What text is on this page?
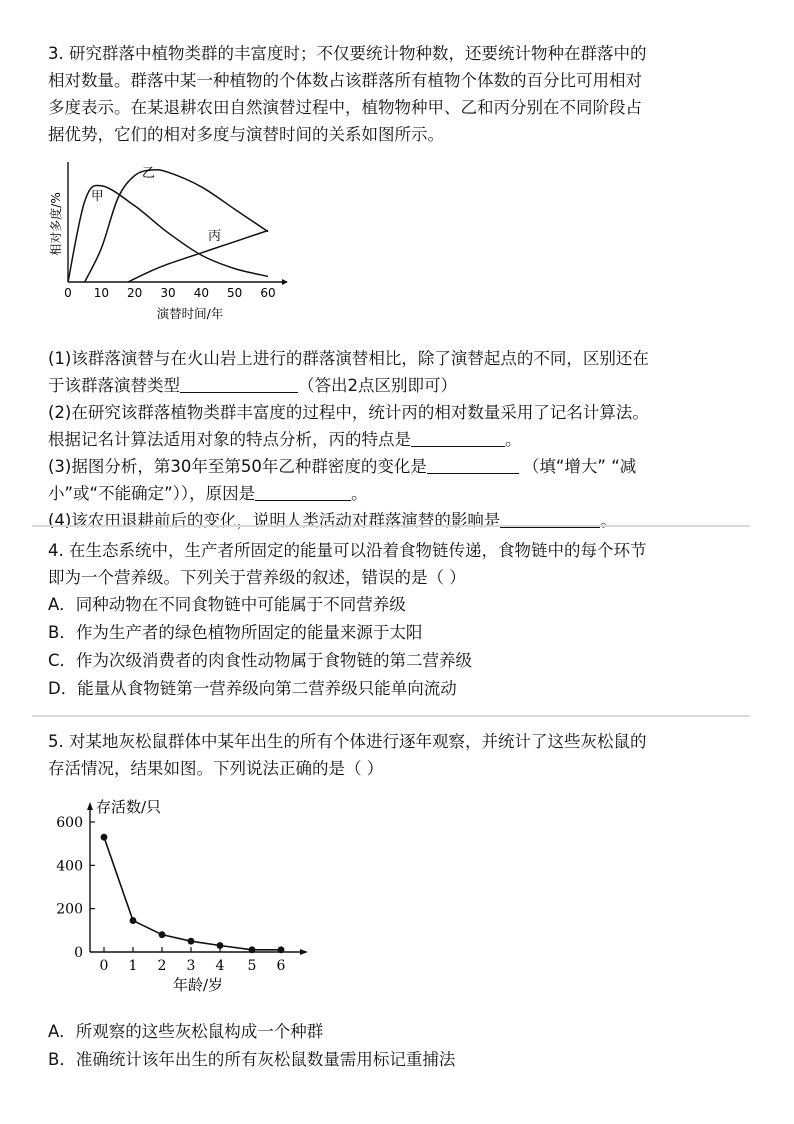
3. 研究群落中植物类群的丰富度时；不仅要统计物种数，还要统计物种在群落中的
相对数量。群落中某一种植物的个体数占该群落所有植物个体数的百分比可用相对
多度表示。在某退耕农田自然演替过程中，植物物种甲、乙和丙分别在不同阶段占
据优势，它们的相对多度与演替时间的关系如图所示。
相对多度/%
0 10 20 30 40 50 60
演替时间/年
甲
乙
丙
(1)该群落演替与在火山岩上进行的群落演替相比，除了演替起点的不同，区别还在
于该群落演替类型	（答出2点区别即可）
(2)在研究该群落植物类群丰富度的过程中，统计丙的相对数量采用了记名计算法。
根据记名计算法适用对象的特点分析，丙的特点是	。
(3)据图分析，第30年至第50年乙种群密度的变化是	（填“增大” “减
小”或“不能确定”）），原因是	。
(4)该农田退耕前后的变化，说明人类活动对群落演替的影响是	。
4. 在生态系统中，生产者所固定的能量可以沿着食物链传递，食物链中的每个环节
即为一个营养级。下列关于营养级的叙述，错误的是（ ）
A．同种动物在不同食物链中可能属于不同营养级
B．作为生产者的绿色植物所固定的能量来源于太阳
C．作为次级消费者的肉食性动物属于食物链的第二营养级
D．能量从食物链第一营养级向第二营养级只能单向流动
5. 对某地灰松鼠群体中某年出生的所有个体进行逐年观察，并统计了这些灰松鼠的
存活情况，结果如图。下列说法正确的是（ ）
存活数/只
0
200
400
600
0 1 2 3 4 5 6
年龄/岁
A．所观察的这些灰松鼠构成一个种群
B．准确统计该年出生的所有灰松鼠数量需用标记重捕法
